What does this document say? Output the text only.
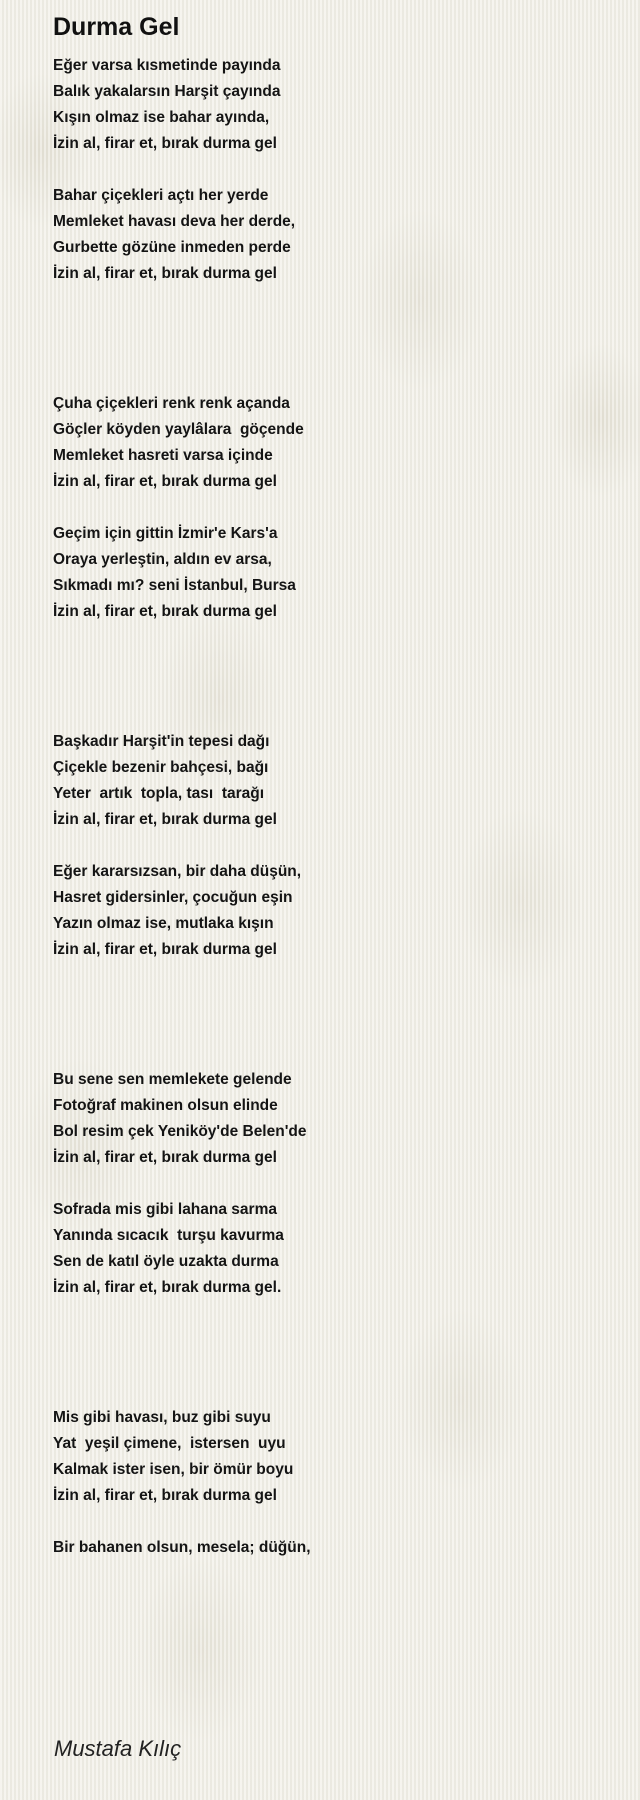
Durma Gel
Eğer varsa kısmetinde payında
Balık yakalarsın Harşit çayında
Kışın olmaz ise bahar ayında,
İzin al, firar et, bırak durma gel
Bahar çiçekleri açtı her yerde
Memleket havası deva her derde,
Gurbette gözüne inmeden perde
İzin al, firar et, bırak durma gel
Çuha çiçekleri renk renk açanda
Göçler köyden yaylâlara  göçende
Memleket hasreti varsa içinde
İzin al, firar et, bırak durma gel
Geçim için gittin İzmir'e Kars'a
Oraya yerleştin, aldın ev arsa,
Sıkmadı mı? seni İstanbul, Bursa
İzin al, firar et, bırak durma gel
Başkadır Harşit'in tepesi dağı
Çiçekle bezenir bahçesi, bağı
Yeter  artık  topla, tası  tarağı
İzin al, firar et, bırak durma gel
Eğer kararsızsan, bir daha düşün,
Hasret gidersinler, çocuğun eşin
Yazın olmaz ise, mutlaka kışın
İzin al, firar et, bırak durma gel
Bu sene sen memlekete gelende
Fotoğraf makinen olsun elinde
Bol resim çek Yeniköy'de Belen'de
İzin al, firar et, bırak durma gel
Sofrada mis gibi lahana sarma
Yanında sıcacık  turşu kavurma
Sen de katıl öyle uzakta durma
İzin al, firar et, bırak durma gel.
Mis gibi havası, buz gibi suyu
Yat  yeşil çimene,  istersen  uyu
Kalmak ister isen, bir ömür boyu
İzin al, firar et, bırak durma gel
Bir bahanen olsun, mesela; düğün,
Mustafa Kılıç
